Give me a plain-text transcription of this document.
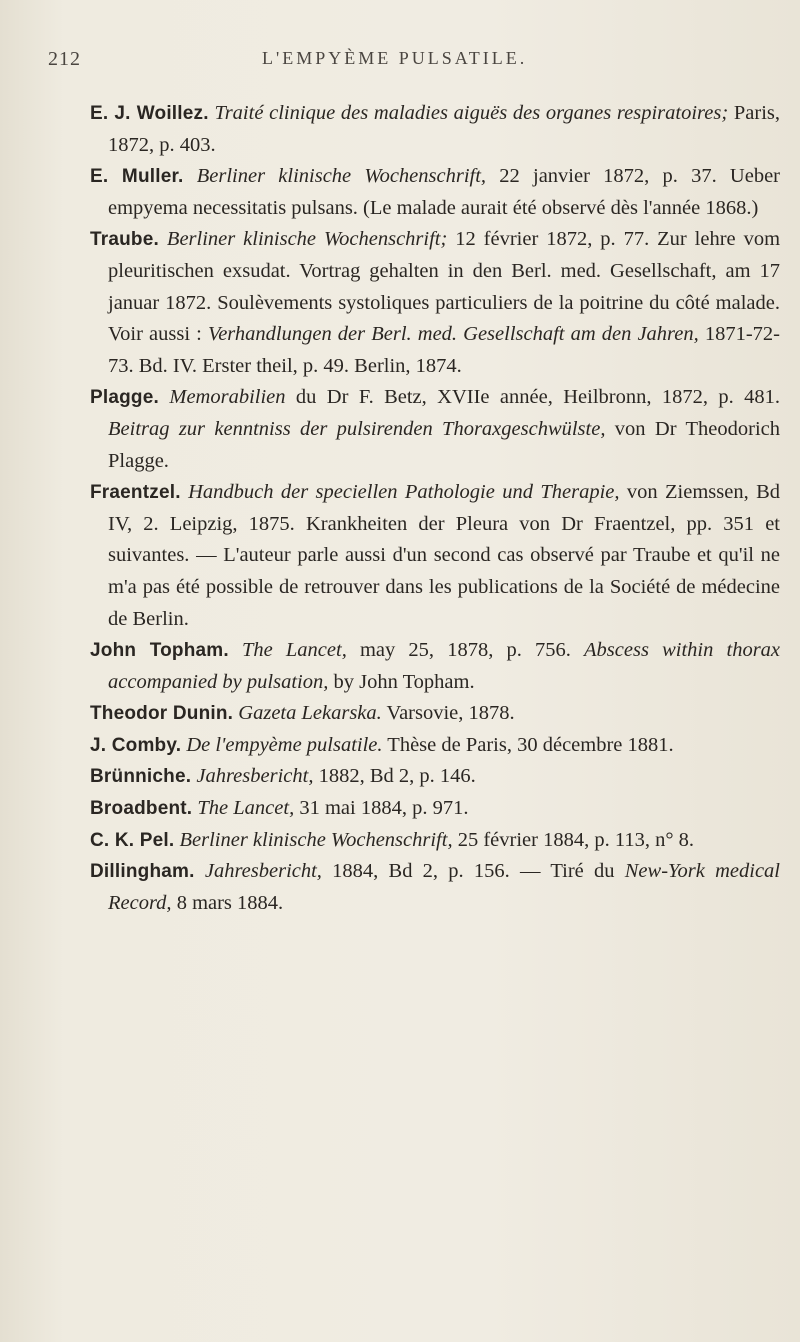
212	L'EMPYÈME PULSATILE.
E. J. Woillez. Traité clinique des maladies aiguës des organes respiratoires; Paris, 1872, p. 403.
E. Muller. Berliner klinische Wochenschrift, 22 janvier 1872, p. 37. Ueber empyema necessitatis pulsans. (Le malade aurait été observé dès l'année 1868.)
Traube. Berliner klinische Wochenschrift; 12 février 1872, p. 77. Zur lehre vom pleuritischen exsudat. Vortrag gehalten in den Berl. med. Gesellschaft, am 17 januar 1872. Soulèvements systoliques particuliers de la poitrine du côté malade. Voir aussi : Verhandlungen der Berl. med. Gesellschaft am den Jahren, 1871-72-73. Bd. IV. Erster theil, p. 49. Berlin, 1874.
Plagge. Memorabilien du Dr F. Betz, XVIIe année, Heilbronn, 1872, p. 481. Beitrag zur kenntniss der pulsirenden Thoraxgeschwülste, von Dr Theodorich Plagge.
Fraentzel. Handbuch der speciellen Pathologie und Therapie, von Ziemssen, Bd IV, 2. Leipzig, 1875. Krankheiten der Pleura von Dr Fraentzel, pp. 351 et suivantes. — L'auteur parle aussi d'un second cas observé par Traube et qu'il ne m'a pas été possible de retrouver dans les publications de la Société de médecine de Berlin.
John Topham. The Lancet, may 25, 1878, p. 756. Abscess within thorax accompanied by pulsation, by John Topham.
Theodor Dunin. Gazeta Lekarska. Varsovie, 1878.
J. Comby. De l'empyème pulsatile. Thèse de Paris, 30 décembre 1881.
Brünniche. Jahresbericht, 1882, Bd 2, p. 146.
Broadbent. The Lancet, 31 mai 1884, p. 971.
C. K. Pel. Berliner klinische Wochenschrift, 25 février 1884, p. 113, n° 8.
Dillingham. Jahresbericht, 1884, Bd 2, p. 156. — Tiré du New-York medical Record, 8 mars 1884.
